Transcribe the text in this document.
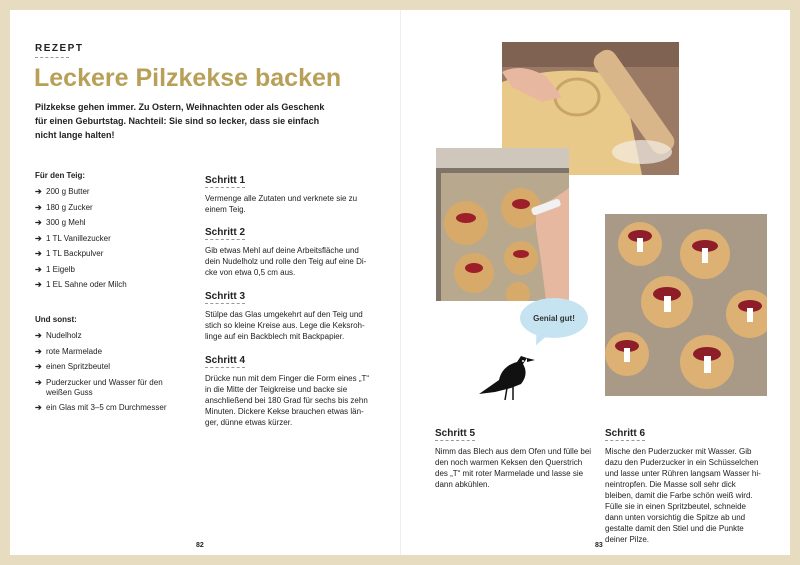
REZEPT
Leckere Pilzkekse backen

Pilzkekse gehen immer. Zu Ostern, Weihnachten oder als Geschenk für einen Geburtstag. Nachteil: Sie sind so lecker, dass sie einfach nicht lange halten!

Für den Teig:
➔ 200 g Butter
➔ 180 g Zucker
➔ 300 g Mehl
➔ 1 TL Vanillezucker
➔ 1 TL Backpulver
➔ 1 Eigelb
➔ 1 EL Sahne oder Milch
Und sonst:
➔ Nudelholz
➔ rote Marmelade
➔ einen Spritzbeutel
➔ Puderzucker und Wasser für den weißen Guss
➔ ein Glas mit 3–5 cm Durchmesser
Schritt 1

Vermenge alle Zutaten und verknete sie zu einem Teig.

Schritt 2

Gib etwas Mehl auf deine Arbeitsfläche und dein Nudelholz und rolle den Teig auf eine Dicke von etwa 0,5 cm aus.

Schritt 3

Stülpe das Glas umgekehrt auf den Teig und stich so kleine Kreise aus. Lege die Keksrohlinge auf ein Backblech mit Backpapier.

Schritt 4

Drücke nun mit dem Finger die Form eines „T“ in die Mitte der Teigkreise und backe sie anschließend bei 180 Grad für sechs bis zehn Minuten. Dickere Kekse brauchen etwas länger, dünne etwas kürzer.

82
Genial gut!
Schritt 5

Nimm das Blech aus dem Ofen und fülle bei den noch warmen Keksen den Querstrich des „T“ mit roter Marmelade und lasse sie dann abkühlen.

Schritt 6

Mische den Puderzucker mit Wasser. Gib dazu den Puderzucker in ein Schüsselchen und lasse unter Rühren langsam Wasser hineintropfen. Die Masse soll sehr dick bleiben, damit die Farbe schön weiß wird. Fülle sie in einen Spritzbeutel, schneide dann unten vorsichtig die Spitze ab und gestalte damit den Stiel und die Punkte deiner Pilze.

83
